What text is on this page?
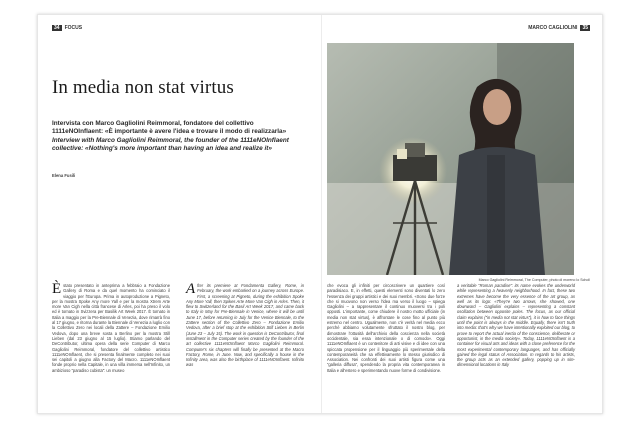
34	FOCUS
In media non stat virtus
Intervista con Marco Gagliolini Reimmoral, fondatore del collettivo 1111eNOInflaent: «È importante è avere l'idea e trovare il modo di realizzarla»
Interview with Marco Gagliolini Reimmoral, the founder of the 1111eNOInflaent collective: «Nothing's more important than having an idea and realize it»
Elena Fusili
È stato presentato in anteprima a febbraio a Fondazione Gallery di Roma e da quel momento ha cominciato il viaggio per l'Europa. Prima in autoproduzione a Pigneto, per la mostra Spoke Any more Yall e per la mostra Xtrem Arte more Van Cigh nella città francese di Arles, poi ha preso il volo ed è tornato in Svizzera per Basilik Art Week 2017. È tornato in Italia a maggio per la Pre-Biennale di Venezia, dove rimarrà fino al 17 giugno, e ritorna durante la Biennale di Venezia a luglio con la Collettivo Zero nei locali della Zattere – Fondazione Emilio Vedova, dopo una breve sosta a Berlino per la mostra Still Lieben (dal 23 giugno al 15 luglio). Stiamo parlando del DeContributor, ultima opera della serie Computer di Marco Gagliolini Reimmoral, fondatore del collettivo artistico 1111eNOInflaent, che si presenta finalmente completo nei suoi sei capitoli a giugno alla Factory del Macro. 1111eNOInflaent fonde proprio nella Capitale, in una villa immersa nell'Infinito, un ambizioso “paradiso cubista”: un museo
A fter its premiere at Fondamenta Gallery, Rome, in February, the work embarked on a journey across Europe. First, a screening at Pigneto, during the exhibition Spoke Any More Yall, then Spikes Arte More Van Cigh in Arles. Then, it flew to Switzerland for the Basil Art Week 2017, and came back to Italy in May for Pre-Biennale in Venice, where it will be until June 17, before returning in July for the Venice Biennale, to the Zattere section of the Collettivo Zero – Fondazione Emilio Vedova, after a brief stop at the exhibition Still Lieben in Berlin (June 23 – July 15). The work in question is DeContributor, final installment in the Computer series created by the founder of the art collective 1111eNOInflaent Marco Gagliolini Reimmoral. Computer's six chapters will finally be presented at the Macro Factory, Rome, in June. Now, and specifically a house in the Infinity area, was also the birthplace of 1111eNOInflaent. Infinito was
MARCO CAGLIOLINI	35
Marco Gagliolini Reimmoral, The Computer, photo di moreno lo Scholl
che evoca gli infiniti per circoscrivere un quartiere così paradisiaco. E, in effetti, questi elementi sono diventati lo zero l'essenza dei gruppi artistici e dei suoi membri. «Sono due forze che si muovono non verso l'idea ma verso il luogo – spiega Gagliolini – a rappresentare il continuo muoversi tra i poli opposti. L'importante, come chiudere il nostro motto ufficiale (in media non stat virtus), è affrontare le cose fino al punto più estremo nel centro. Ugualmente, non c'è verità nel media ecco perché abbiamo volutamente sfruttato il nostro blog, per dimostrare l'ottusità dell'archivio della coscienza nella società occidentale, sia essa intenzionale o di comodo». Oggi 1111eNOInflaent è un contenitore di arti visive e di idee con una spiccata propensione per il linguaggio più sperimentale della contemporaneità che sa effettivamente lo stesso giurisdico di Association. Nei confronti dei suoi artisti figura come una “galleria diffusa”, spendendo la propria vita contemporanea in Italia e all'estero e sperimentando nuove forme di condivisione.
a veritable “Roman paradise”: its name evokes the underworld while representing a heavenly neighborhood. In fact, these two extremes have become the very essence of the art group, as well as its logo: «They're two arrows, she showed, one downward – Gagliolini explains – representing a constant oscillation between opposite poles. The focus, as our official claim explains (“in media not stat virtus”), it is how to face things until the point is always in the middle. Equally, there isn't truth into media: that's why we have intentionally exploited our blog, to prove to report the actual inertia of the conscience, deliberate or opportunist, in the media society». Today, 1111eNOInflaent is a container for visual arts and ideas with a close preference for the most experimental contemporary languages, and has officially gained the legal status of Association. In regards to his artists, the group acts as an extended gallery, popping up in site-dimensional locations in Italy
